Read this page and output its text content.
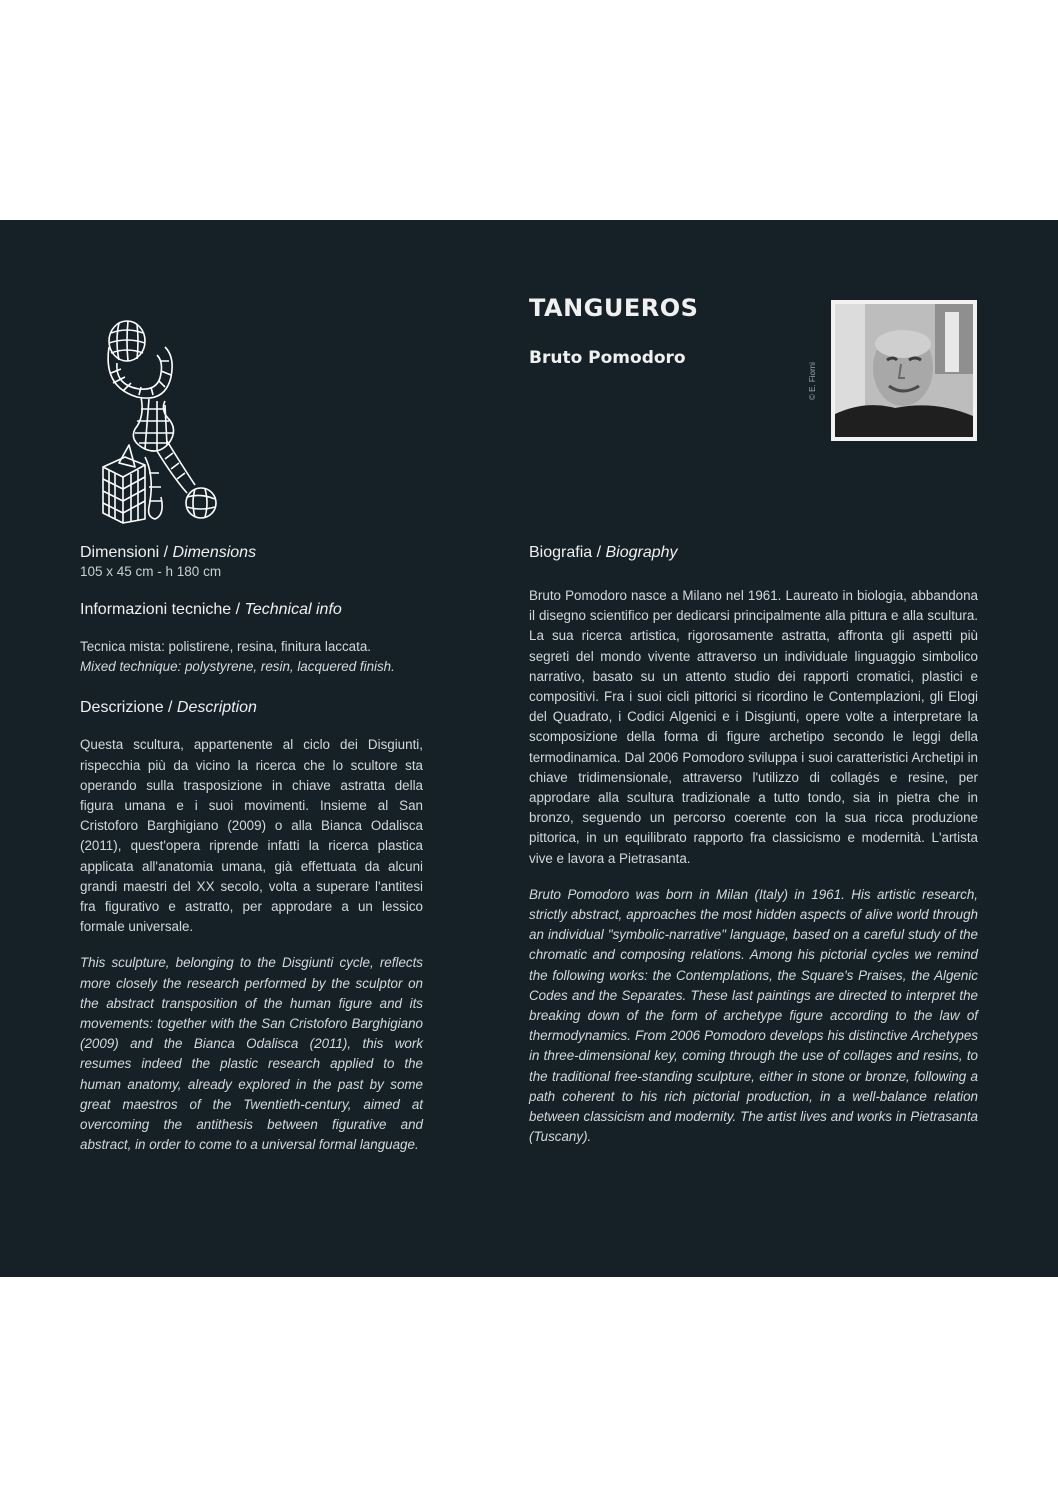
TANGUEROS
Bruto Pomodoro
© E. Fiorni

Dimensioni / Dimensions

105 x 45 cm - h 180 cm

Informazioni tecniche / Technical info

Tecnica mista: polistirene, resina, finitura laccata.

Mixed technique: polystyrene, resin, lacquered finish.

Descrizione / Description

Questa scultura, appartenente al ciclo dei Disgiunti, rispecchia più da vicino la ricerca che lo scultore sta operando sulla trasposizione in chiave astratta della figura umana e i suoi movimenti. Insieme al San Cristoforo Barghigiano (2009) o alla Bianca Odalisca (2011), quest'opera riprende infatti la ricerca plastica applicata all'anatomia umana, già effettuata da alcuni grandi maestri del XX secolo, volta a superare l'antitesi fra figurativo e astratto, per approdare a un lessico formale universale.

This sculpture, belonging to the Disgiunti cycle, reflects more closely the research performed by the sculptor on the abstract transposition of the human figure and its movements: together with the San Cristoforo Barghigiano (2009) and the Bianca Odalisca (2011), this work resumes indeed the plastic research applied to the human anatomy, already explored in the past by some great maestros of the Twentieth-century, aimed at overcoming the antithesis between figurative and abstract, in order to come to a universal formal language.

Biografia / Biography

Bruto Pomodoro nasce a Milano nel 1961. Laureato in biologia, abbandona il disegno scientifico per dedicarsi principalmente alla pittura e alla scultura. La sua ricerca artistica, rigorosamente astratta, affronta gli aspetti più segreti del mondo vivente attraverso un individuale linguaggio simbolico narrativo, basato su un attento studio dei rapporti cromatici, plastici e compositivi. Fra i suoi cicli pittorici si ricordino le Contemplazioni, gli Elogi del Quadrato, i Codici Algenici e i Disgiunti, opere volte a interpretare la scomposizione della forma di figure archetipo secondo le leggi della termodinamica. Dal 2006 Pomodoro sviluppa i suoi caratteristici Archetipi in chiave tridimensionale, attraverso l'utilizzo di collagés e resine, per approdare alla scultura tradizionale a tutto tondo, sia in pietra che in bronzo, seguendo un percorso coerente con la sua ricca produzione pittorica, in un equilibrato rapporto fra classicismo e modernità. L'artista vive e lavora a Pietrasanta.

Bruto Pomodoro was born in Milan (Italy) in 1961. His artistic research, strictly abstract, approaches the most hidden aspects of alive world through an individual "symbolic-narrative" language, based on a careful study of the chromatic and composing relations. Among his pictorial cycles we remind the following works: the Contemplations, the Square's Praises, the Algenic Codes and the Separates. These last paintings are directed to interpret the breaking down of the form of archetype figure according to the law of thermodynamics. From 2006 Pomodoro develops his distinctive Archetypes in three-dimensional key, coming through the use of collages and resins, to the traditional free-standing sculpture, either in stone or bronze, following a path coherent to his rich pictorial production, in a well-balance relation between classicism and modernity. The artist lives and works in Pietrasanta (Tuscany).
